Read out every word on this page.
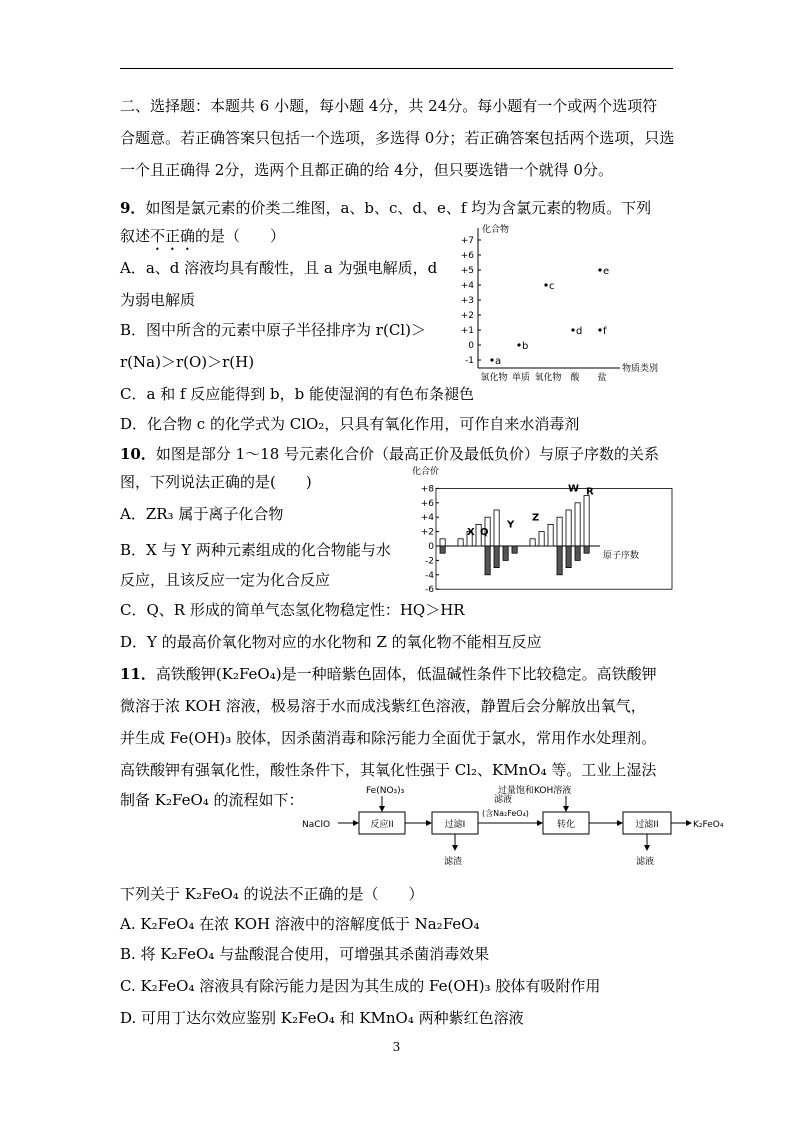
二、选择题：本题共 6 小题，每小题 4分，共 24分。每小题有一个或两个选项符
合题意。若正确答案只包括一个选项，多选得 0分；若正确答案包括两个选项，只选
一个且正确得 2分，选两个且都正确的给 4分，但只要选错一个就得 0分。
9．如图是氯元素的价类二维图，a、b、c、d、e、f 均为含氯元素的物质。下列
叙述不正确的是（　　）
A．a、d 溶液均具有酸性，且 a 为强电解质，d
为弱电解质
B．图中所含的元素中原子半径排序为 r(Cl)＞
r(Na)＞r(O)＞r(H)
C．a 和 f 反应能得到 b，b 能使湿润的有色布条褪色
D．化合物 c 的化学式为 ClO₂，只具有氧化作用，可作自来水消毒剂
化合物
物质类别
+7
+6
+5
+4
+3
+2
+1
0
-1
氯化物 单质 氧化物 酸 盐
a
b
c
d
e
f
10．如图是部分 1～18 号元素化合价（最高正价及最低负价）与原子序数的关系
图，下列说法正确的是(　　)
A．ZR₃ 属于离子化合物
B．X 与 Y 两种元素组成的化合物能与水
反应，且该反应一定为化合反应
C．Q、R 形成的简单气态氢化物稳定性：HQ＞HR
D．Y 的最高价氧化物对应的水化物和 Z 的氧化物不能相互反应
化合价
原子序数
+8
+6
+4
+2
0
-2
-4
-6
X Q
Y
Z
W R
11．高铁酸钾(K₂FeO₄)是一种暗紫色固体，低温碱性条件下比较稳定。高铁酸钾
微溶于浓 KOH 溶液，极易溶于水而成浅紫红色溶液，静置后会分解放出氧气，
并生成 Fe(OH)₃ 胶体，因杀菌消毒和除污能力全面优于氯水，常用作水处理剂。
高铁酸钾有强氧化性，酸性条件下，其氧化性强于 Cl₂、KMnO₄ 等。工业上湿法
制备 K₂FeO₄ 的流程如下：
NaClO	反应II
Fe(NO₃)₃
过滤I
滤渣
滤液
(含Na₂FeO₄)
转化
过量饱和KOH溶液
过滤II
滤液
K₂FeO₄
下列关于 K₂FeO₄ 的说法不正确的是（　　）
A. K₂FeO₄ 在浓 KOH 溶液中的溶解度低于 Na₂FeO₄
B. 将 K₂FeO₄ 与盐酸混合使用，可增强其杀菌消毒效果
C. K₂FeO₄ 溶液具有除污能力是因为其生成的 Fe(OH)₃ 胶体有吸附作用
D. 可用丁达尔效应鉴别 K₂FeO₄ 和 KMnO₄ 两种紫红色溶液
3
